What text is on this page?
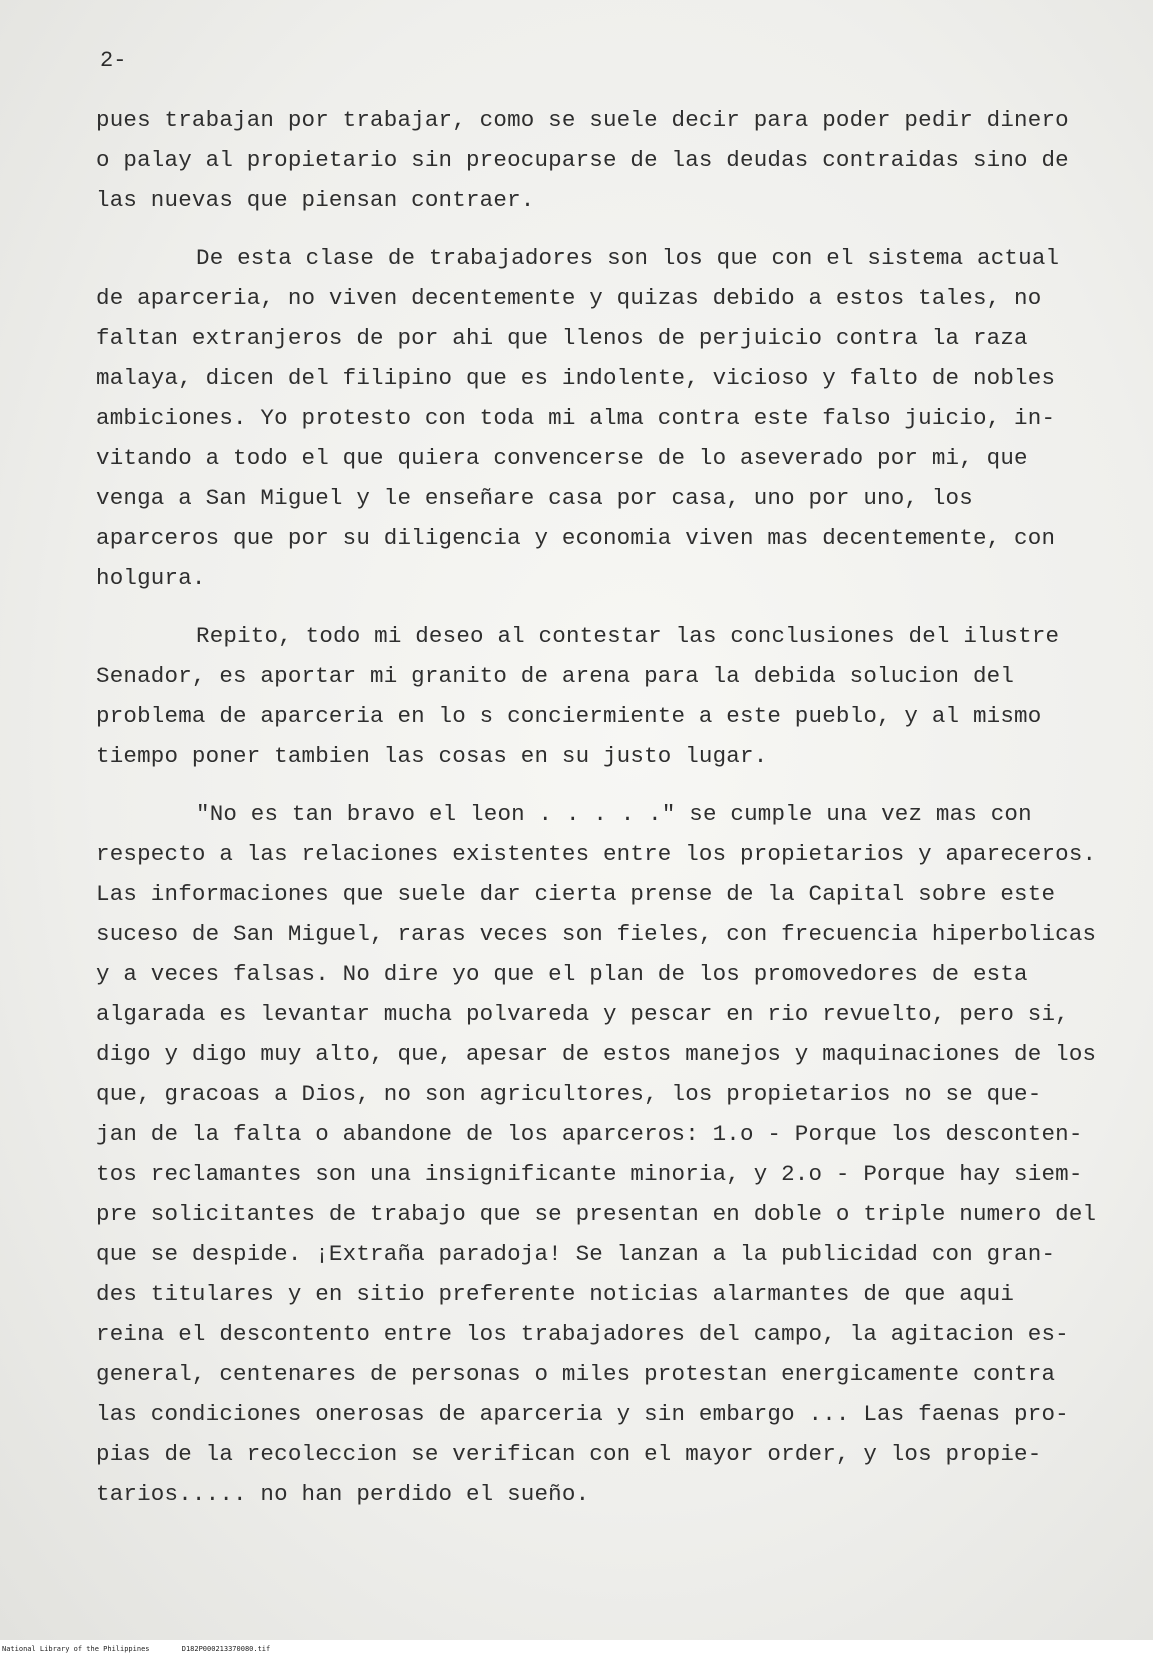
2-
pues trabajan por trabajar, como se suele decir para poder pedir dinero
o palay al propietario sin preocuparse de las deudas contraidas sino de
las nuevas que piensan contraer.
De esta clase de trabajadores son los que con el sistema actual
de aparceria, no viven decentemente y quizas debido a estos tales, no
faltan extranjeros de por ahi que llenos de perjuicio contra la raza
malaya, dicen del filipino que es indolente, vicioso y falto de nobles
ambiciones. Yo protesto con toda mi alma contra este falso juicio, in-
vitando a todo el que quiera convencerse de lo aseverado por mi, que
venga a San Miguel y le enseñare casa por casa, uno por uno, los
aparceros que por su diligencia y economia viven mas decentemente, con
holgura.
Repito, todo mi deseo al contestar las conclusiones del ilustre
Senador, es aportar mi granito de arena para la debida solucion del
problema de aparceria en lo s conciermiente a este pueblo, y al mismo
tiempo poner tambien las cosas en su justo lugar.
"No es tan bravo el leon . . . . ." se cumple una vez mas con
respecto a las relaciones existentes entre los propietarios y apareceros.
Las informaciones que suele dar cierta prense de la Capital sobre este
suceso de San Miguel, raras veces son fieles, con frecuencia hiperbolicas
y a veces falsas. No dire yo que el plan de los promovedores de esta
algarada es levantar mucha polvareda y pescar en rio revuelto, pero si,
digo y digo muy alto, que, apesar de estos manejos y maquinaciones de los
que, gracoas a Dios, no son agricultores, los propietarios no se que-
jan de la falta o abandone de los aparceros: 1.o - Porque los desconten-
tos reclamantes son una insignificante minoria, y 2.o - Porque hay siem-
pre solicitantes de trabajo que se presentan en doble o triple numero del
que se despide. ¡Extraña paradoja! Se lanzan a la publicidad con gran-
des titulares y en sitio preferente noticias alarmantes de que aqui
reina el descontento entre los trabajadores del campo, la agitacion es-
general, centenares de personas o miles protestan energicamente contra
las condiciones onerosas de aparceria y sin embargo ... Las faenas pro-
pias de la recoleccion se verifican con el mayor order, y los propie-
tarios..... no han perdido el sueño.
National Library of the Philippines	D182P000213370080.tif
